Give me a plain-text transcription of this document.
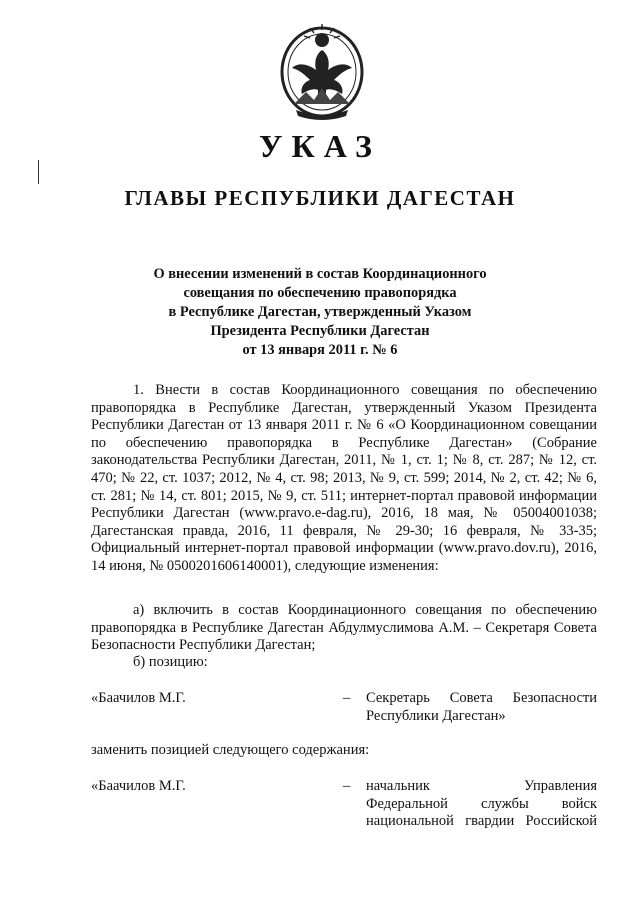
УКАЗ
ГЛАВЫ РЕСПУБЛИКИ ДАГЕСТАН
О внесении изменений в состав Координационного
совещания по обеспечению правопорядка
в Республике Дагестан, утвержденный Указом
Президента Республики Дагестан
от 13 января 2011 г. № 6
1. Внести в состав Координационного совещания по обеспечению правопорядка в Республике Дагестан, утвержденный Указом Президента Республики Дагестан от 13 января 2011 г. № 6 «О Координационном совещании по обеспечению правопорядка в Республике Дагестан» (Собрание законодательства Республики Дагестан, 2011, № 1, ст. 1; № 8, ст. 287; № 12, ст. 470; № 22, ст. 1037; 2012, № 4, ст. 98; 2013, № 9, ст. 599; 2014, № 2, ст. 42; № 6, ст. 281; № 14, ст. 801; 2015, № 9, ст. 511; интернет-портал правовой информации Республики Дагестан (www.pravo.e-dag.ru), 2016, 18 мая, № 05004001038; Дагестанская правда, 2016, 11 февраля, № 29-30; 16 февраля, № 33-35; Официальный интернет-портал правовой информации (www.pravo.dov.ru), 2016, 14 июня, № 0500201606140001), следующие изменения:
а) включить в состав Координационного совещания по обеспечению правопорядка в Республике Дагестан Абдулмуслимова А.М. – Секретаря Совета Безопасности Республики Дагестан;
б) позицию:
«Баачилов М.Г.	– Секретарь Совета Безопасности
Республики Дагестан»
заменить позицией следующего содержания:
«Баачилов М.Г.	– начальник Управления
Федеральной службы войск
национальной гвардии Российской
